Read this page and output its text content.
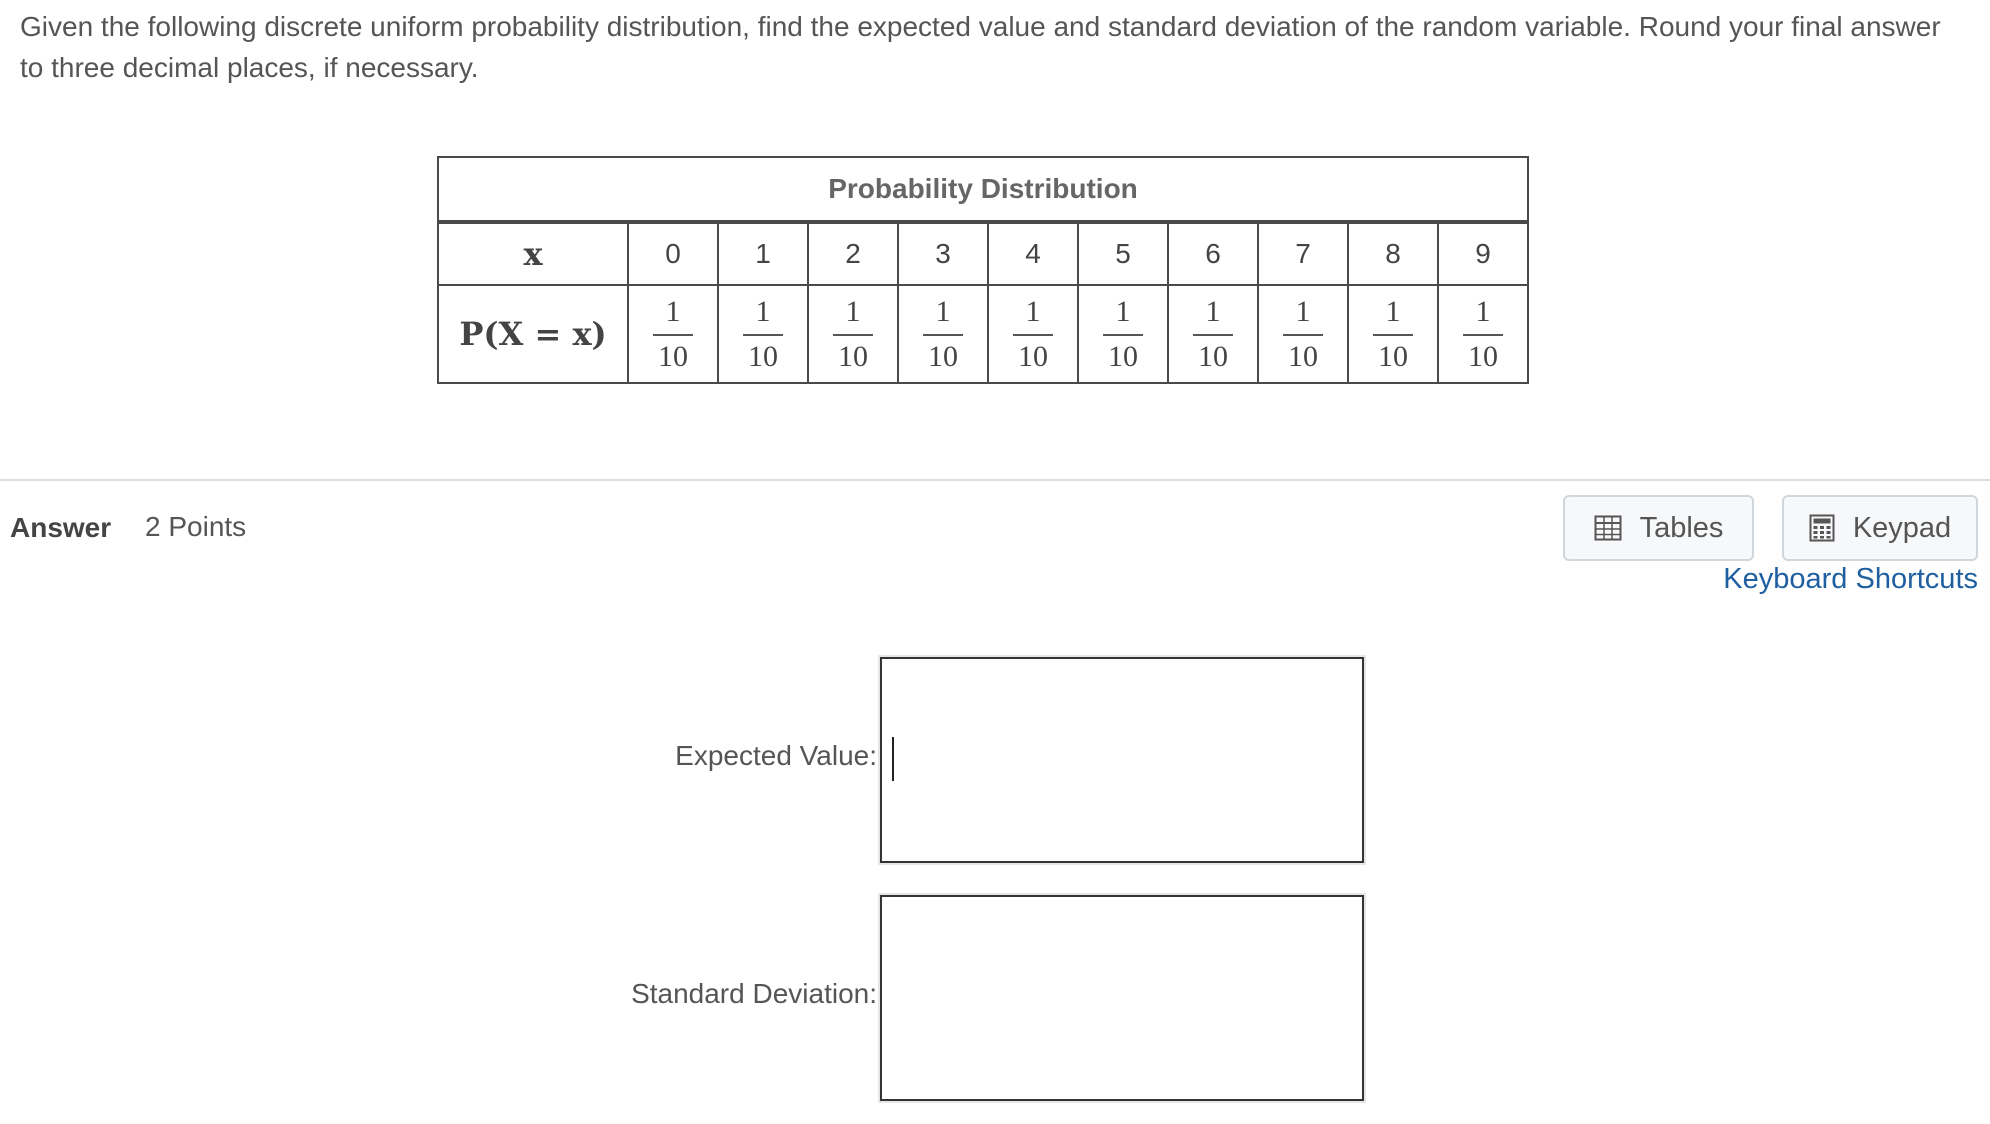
Given the following discrete uniform probability distribution, find the expected value and standard deviation of the random variable. Round your final answer to three decimal places, if necessary.
Probability Distribution										
x	0	1	2	3	4	5	6	7	8	9
P(X = x)	$\frac{1}{10}$	$\frac{1}{10}$	$\frac{1}{10}$	$\frac{1}{10}$	$\frac{1}{10}$	$\frac{1}{10}$	$\frac{1}{10}$	$\frac{1}{10}$	$\frac{1}{10}$	$\frac{1}{10}$
Answer 2 Points	Tables	Keypad
Keyboard Shortcuts
Expected Value:
Standard Deviation:
